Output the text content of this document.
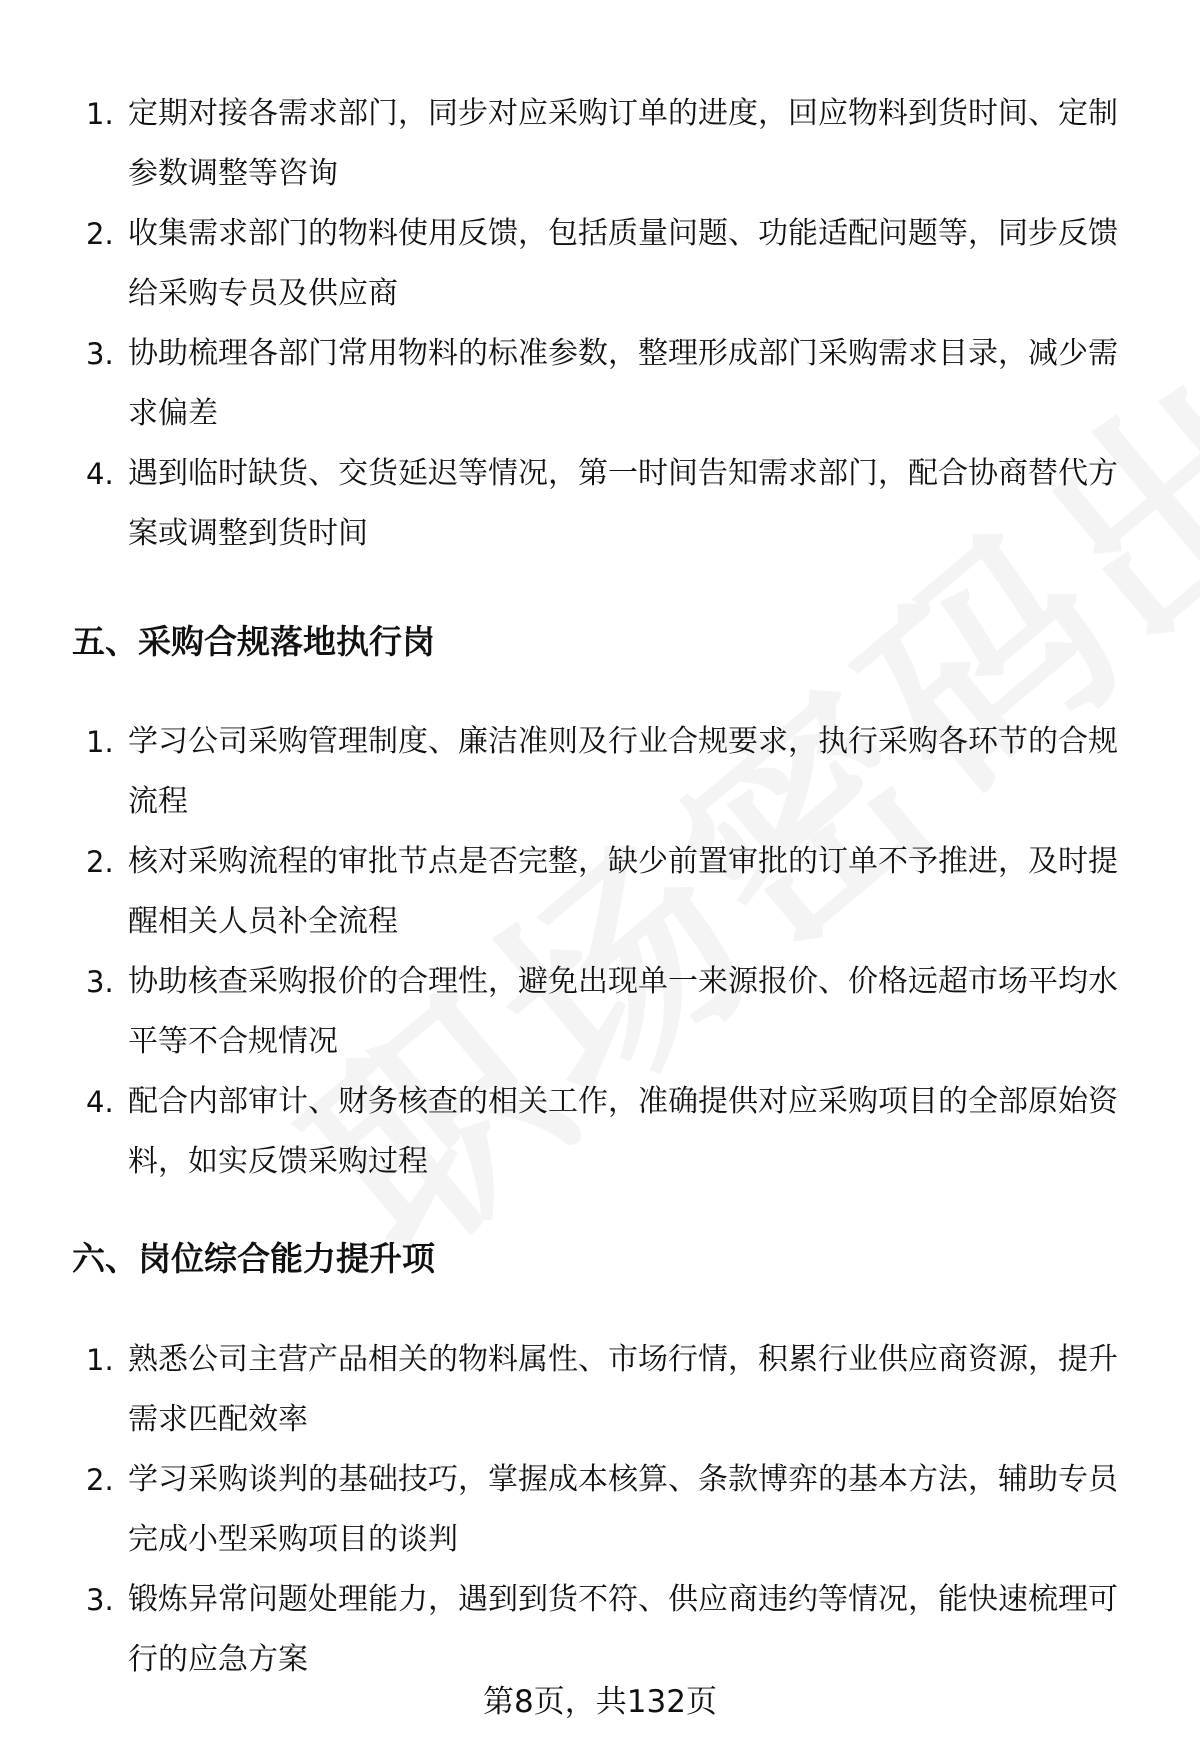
1. 定期对接各需求部门，同步对应采购订单的进度，回应物料到货时间、定制参数调整等咨询
2. 收集需求部门的物料使用反馈，包括质量问题、功能适配问题等，同步反馈给采购专员及供应商
3. 协助梳理各部门常用物料的标准参数，整理形成部门采购需求目录，减少需求偏差
4. 遇到临时缺货、交货延迟等情况，第一时间告知需求部门，配合协商替代方案或调整到货时间
五、采购合规落地执行岗
1. 学习公司采购管理制度、廉洁准则及行业合规要求，执行采购各环节的合规流程
2. 核对采购流程的审批节点是否完整，缺少前置审批的订单不予推进，及时提醒相关人员补全流程
3. 协助核查采购报价的合理性，避免出现单一来源报价、价格远超市场平均水平等不合规情况
4. 配合内部审计、财务核查的相关工作，准确提供对应采购项目的全部原始资料，如实反馈采购过程
六、岗位综合能力提升项
1. 熟悉公司主营产品相关的物料属性、市场行情，积累行业供应商资源，提升需求匹配效率
2. 学习采购谈判的基础技巧，掌握成本核算、条款博弈的基本方法，辅助专员完成小型采购项目的谈判
3. 锻炼异常问题处理能力，遇到到货不符、供应商违约等情况，能快速梳理可行的应急方案
第8页，共132页
